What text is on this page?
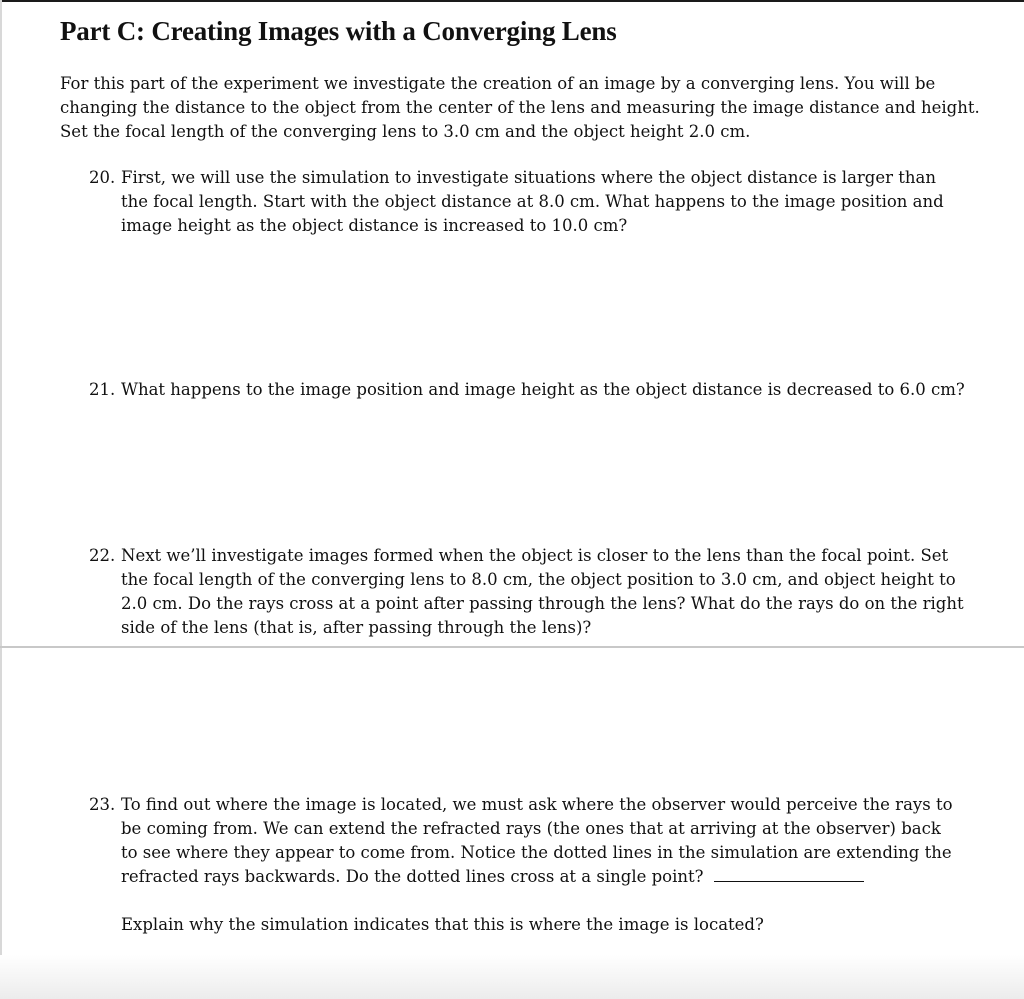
Part C: Creating Images with a Converging Lens

For this part of the experiment we investigate the creation of an image by a converging lens. You will be
changing the distance to the object from the center of the lens and measuring the image distance and height.
Set the focal length of the converging lens to 3.0 cm and the object height 2.0 cm.

20. First, we will use the simulation to investigate situations where the object distance is larger than
the focal length. Start with the object distance at 8.0 cm. What happens to the image position and
image height as the object distance is increased to 10.0 cm?
21. What happens to the image position and image height as the object distance is decreased to 6.0 cm?
22. Next we’ll investigate images formed when the object is closer to the lens than the focal point. Set
the focal length of the converging lens to 8.0 cm, the object position to 3.0 cm, and object height to
2.0 cm. Do the rays cross at a point after passing through the lens? What do the rays do on the right
side of the lens (that is, after passing through the lens)?
23. To find out where the image is located, we must ask where the observer would perceive the rays to
be coming from. We can extend the refracted rays (the ones that at arriving at the observer) back
to see where they appear to come from. Notice the dotted lines in the simulation are extending the
refracted rays backwards. Do the dotted lines cross at a single point?

Explain why the simulation indicates that this is where the image is located?
